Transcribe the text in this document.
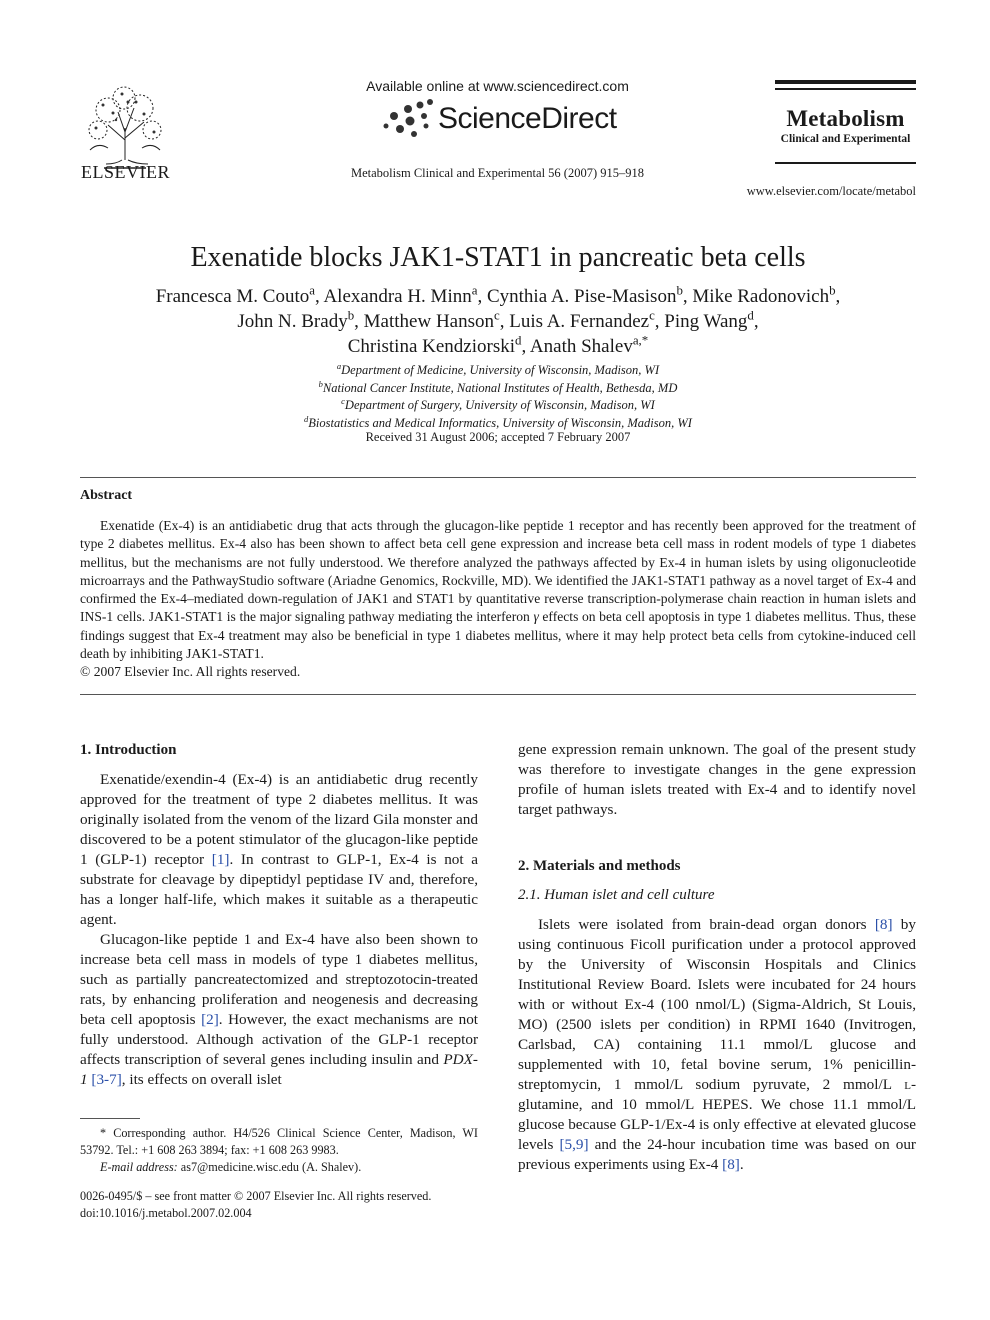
ELSEVIER
Available online at www.sciencedirect.com
ScienceDirect
Metabolism Clinical and Experimental 56 (2007) 915–918
Metabolism
Clinical and Experimental
www.elsevier.com/locate/metabol
Exenatide blocks JAK1-STAT1 in pancreatic beta cells
Francesca M. Couto$^a$, Alexandra H. Minn$^a$, Cynthia A. Pise-Masison$^b$, Mike Radonovich$^b$,
John N. Brady$^b$, Matthew Hanson$^c$, Luis A. Fernandez$^c$, Ping Wang$^d$,
Christina Kendziorski$^d$, Anath Shalev$^{a,*}$
$^a$Department of Medicine, University of Wisconsin, Madison, WI
$^b$National Cancer Institute, National Institutes of Health, Bethesda, MD
$^c$Department of Surgery, University of Wisconsin, Madison, WI
$^d$Biostatistics and Medical Informatics, University of Wisconsin, Madison, WI
Received 31 August 2006; accepted 7 February 2007
Abstract

Exenatide (Ex-4) is an antidiabetic drug that acts through the glucagon-like peptide 1 receptor and has recently been approved for the treatment of type 2 diabetes mellitus. Ex-4 also has been shown to affect beta cell gene expression and increase beta cell mass in rodent models of type 1 diabetes mellitus, but the mechanisms are not fully understood. We therefore analyzed the pathways affected by Ex-4 in human islets by using oligonucleotide microarrays and the PathwayStudio software (Ariadne Genomics, Rockville, MD). We identified the JAK1-STAT1 pathway as a novel target of Ex-4 and confirmed the Ex-4–mediated down-regulation of JAK1 and STAT1 by quantitative reverse transcription-polymerase chain reaction in human islets and INS-1 cells. JAK1-STAT1 is the major signaling pathway mediating the interferon γ effects on beta cell apoptosis in type 1 diabetes mellitus. Thus, these findings suggest that Ex-4 treatment may also be beneficial in type 1 diabetes mellitus, where it may help protect beta cells from cytokine-induced cell death by inhibiting JAK1-STAT1.

© 2007 Elsevier Inc. All rights reserved.
1. Introduction

Exenatide/exendin-4 (Ex-4) is an antidiabetic drug recently approved for the treatment of type 2 diabetes mellitus. It was originally isolated from the venom of the lizard Gila monster and discovered to be a potent stimulator of the glucagon-like peptide 1 (GLP-1) receptor [1]. In contrast to GLP-1, Ex-4 is not a substrate for cleavage by dipeptidyl peptidase IV and, therefore, has a longer half-life, which makes it suitable as a therapeutic agent.

Glucagon-like peptide 1 and Ex-4 have also been shown to increase beta cell mass in models of type 1 diabetes mellitus, such as partially pancreatectomized and streptozotocin-treated rats, by enhancing proliferation and neogenesis and decreasing beta cell apoptosis [2]. However, the exact mechanisms are not fully understood. Although activation of the GLP-1 receptor affects transcription of several genes including insulin and PDX-1 [3-7], its effects on overall islet

gene expression remain unknown. The goal of the present study was therefore to investigate changes in the gene expression profile of human islets treated with Ex-4 and to identify novel target pathways.

2. Materials and methods
2.1. Human islet and cell culture

Islets were isolated from brain-dead organ donors [8] by using continuous Ficoll purification under a protocol approved by the University of Wisconsin Hospitals and Clinics Institutional Review Board. Islets were incubated for 24 hours with or without Ex-4 (100 nmol/L) (Sigma-Aldrich, St Louis, MO) (2500 islets per condition) in RPMI 1640 (Invitrogen, Carlsbad, CA) containing 11.1 mmol/L glucose and supplemented with 10, fetal bovine serum, 1% penicillin-streptomycin, 1 mmol/L sodium pyruvate, 2 mmol/L l-glutamine, and 10 mmol/L HEPES. We chose 11.1 mmol/L glucose because GLP-1/Ex-4 is only effective at elevated glucose levels [5,9] and the 24-hour incubation time was based on our previous experiments using Ex-4 [8].

* Corresponding author. H4/526 Clinical Science Center, Madison, WI 53792. Tel.: +1 608 263 3894; fax: +1 608 263 9983.
E-mail address: as7@medicine.wisc.edu (A. Shalev).
0026-0495/$ – see front matter © 2007 Elsevier Inc. All rights reserved.
doi:10.1016/j.metabol.2007.02.004
